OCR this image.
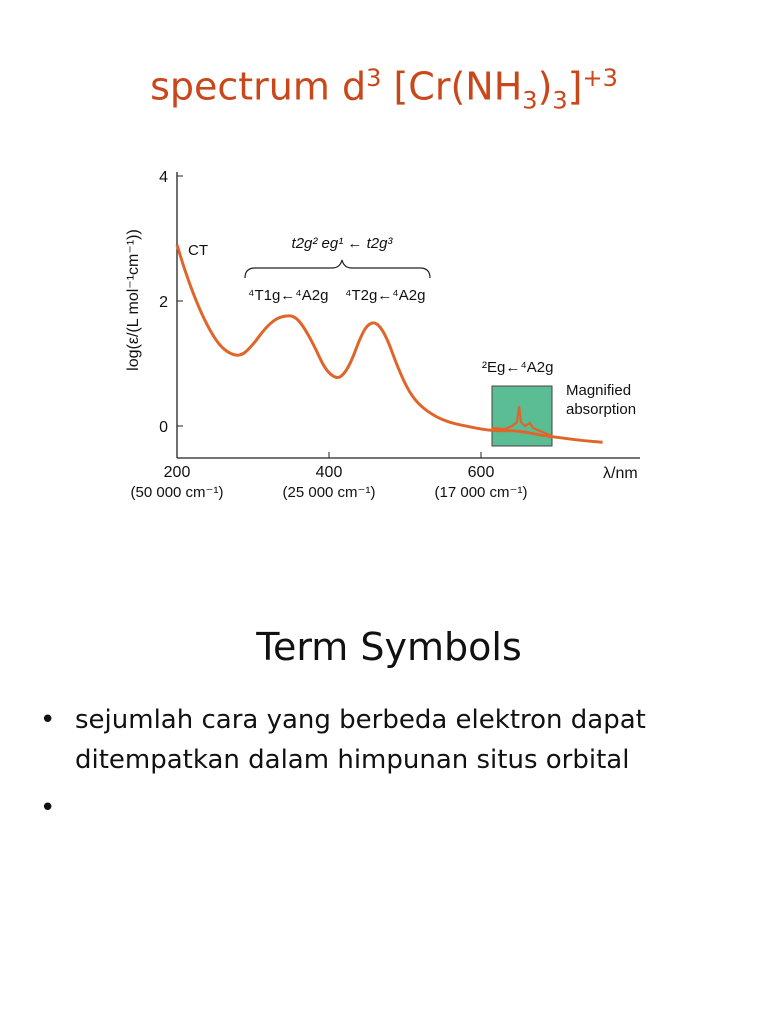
spectrum $d^3$ $[Cr(NH_3)_3]^{+3}$
log(ε/(L mol⁻¹cm⁻¹))
λ/nm
CT	t2g² eg¹ ← t2g³
⁴T1g←⁴A2g ⁴T2g←⁴A2g
²Eg←⁴A2g
Magnified
absorption
200
(50 000 cm⁻¹)
400
(25 000 cm⁻¹)
600
(17 000 cm⁻¹)
0
2
4
Term Symbols
• sejumlah cara yang berbeda elektron dapat ditempatkan dalam himpunan situs orbital
•
